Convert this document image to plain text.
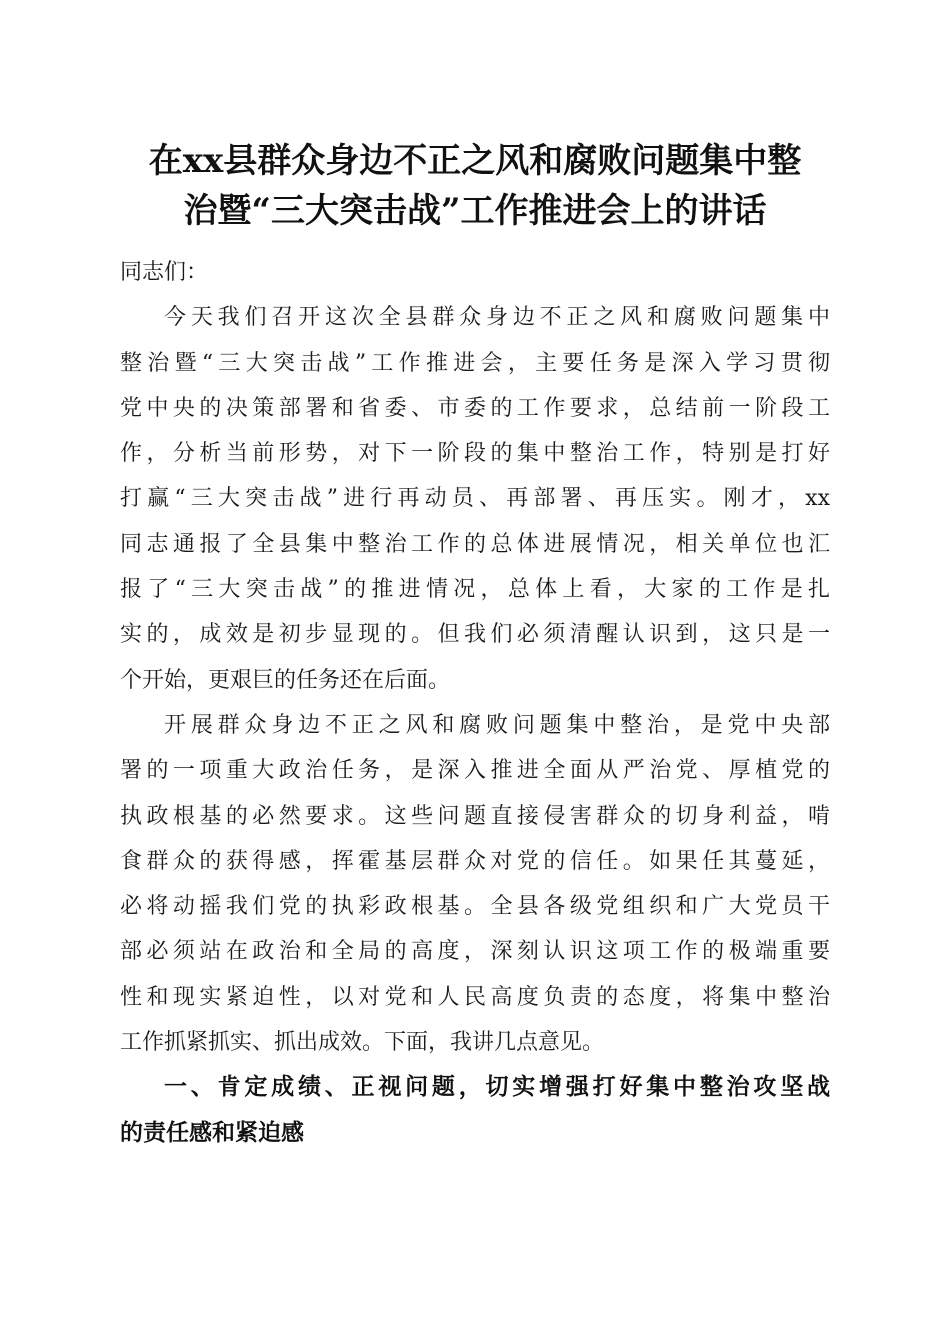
在xx县群众身边不正之风和腐败问题集中整
治暨“三大突击战”工作推进会上的讲话
同志们：
今天我们召开这次全县群众身边不正之风和腐败问题集中
整治暨“三大突击战”工作推进会，主要任务是深入学习贯彻
党中央的决策部署和省委、市委的工作要求，总结前一阶段工
作，分析当前形势，对下一阶段的集中整治工作，特别是打好
打赢“三大突击战”进行再动员、再部署、再压实。刚才，xx
同志通报了全县集中整治工作的总体进展情况，相关单位也汇
报了“三大突击战”的推进情况，总体上看，大家的工作是扎
实的，成效是初步显现的。但我们必须清醒认识到，这只是一
个开始，更艰巨的任务还在后面。
开展群众身边不正之风和腐败问题集中整治，是党中央部
署的一项重大政治任务，是深入推进全面从严治党、厚植党的
执政根基的必然要求。这些问题直接侵害群众的切身利益，啃
食群众的获得感，挥霍基层群众对党的信任。如果任其蔓延，
必将动摇我们党的执彩政根基。全县各级党组织和广大党员干
部必须站在政治和全局的高度，深刻认识这项工作的极端重要
性和现实紧迫性，以对党和人民高度负责的态度，将集中整治
工作抓紧抓实、抓出成效。下面，我讲几点意见。
一、肯定成绩、正视问题，切实增强打好集中整治攻坚战
的责任感和紧迫感
